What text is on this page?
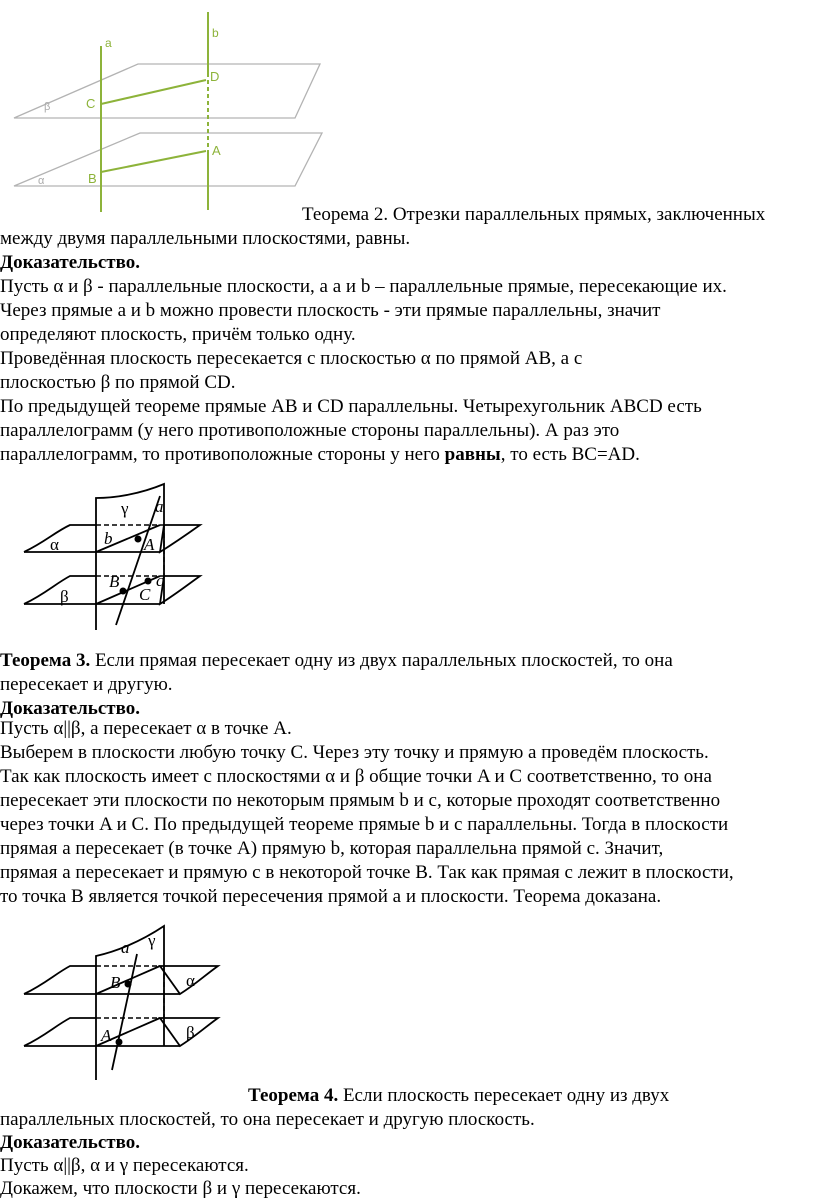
a
b
C
D
A
B
β
α

Теорема 2. Отрезки параллельных прямых, заключенных

между двумя параллельными плоскостями, равны.

Доказательство.

Пусть α и β - параллельные плоскости, а а и b – параллельные прямые, пересекающие их.

Через прямые а и b можно провести плоскость - эти прямые параллельны, значит

определяют плоскость, причём только одну.

Проведённая плоскость пересекается с плоскостью α по прямой AB, а с

плоскостью β по прямой CD.

По предыдущей теореме прямые AB и CD параллельны. Четырехугольник ABCD есть

параллелограмм (у него противоположные стороны параллельны). А раз это

параллелограмм, то противоположные стороны у него равны, то есть BC=AD.

γ a
b A
α
B c
C
β

Теорема 3. Если прямая пересекает одну из двух параллельных плоскостей, то она

пересекает и другую.

Доказательство.

Пусть α||β, а пересекает α в точке A.

Выберем в плоскости любую точку C. Через эту точку и прямую a проведём плоскость.

Так как плоскость имеет с плоскостями α и β общие точки A и C соответственно, то она

пересекает эти плоскости по некоторым прямым b и c, которые проходят соответственно

через точки A и C. По предыдущей теореме прямые b и c параллельны. Тогда в плоскости

прямая a пересекает (в точке A) прямую b, которая параллельна прямой c. Значит,

прямая a пересекает и прямую c в некоторой точке B. Так как прямая c лежит в плоскости,

то точка B является точкой пересечения прямой a и плоскости. Теорема доказана.

a γ
B	α
A	β

Теорема 4. Если плоскость пересекает одну из двух

параллельных плоскостей, то она пересекает и другую плоскость.

Доказательство.

Пусть α||β, α и γ пересекаются.

Докажем, что плоскости β и γ пересекаются.
